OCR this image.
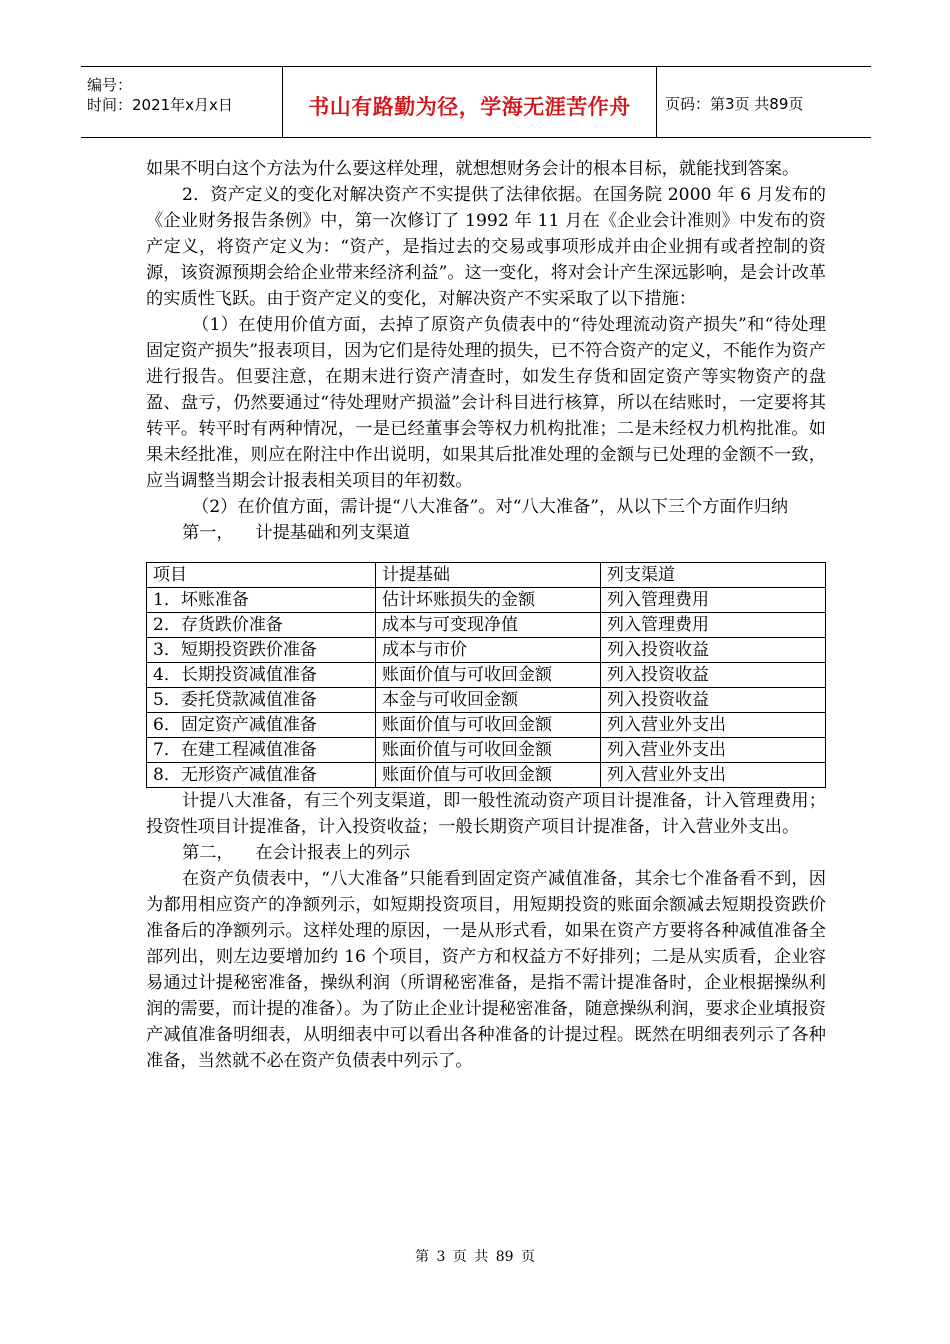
编号：
时间：2021年x月x日	书山有路勤为径，学海无涯苦作舟	页码：第3页 共89页

如果不明白这个方法为什么要这样处理，就想想财务会计的根本目标，就能找到答案。

2．资产定义的变化对解决资产不实提供了法律依据。在国务院 2000 年 6 月发布的《企业财务报告条例》中，第一次修订了 1992 年 11 月在《企业会计准则》中发布的资产定义，将资产定义为：“资产，是指过去的交易或事项形成并由企业拥有或者控制的资源，该资源预期会给企业带来经济利益”。这一变化，将对会计产生深远影响，是会计改革的实质性飞跃。由于资产定义的变化，对解决资产不实采取了以下措施：

（1）在使用价值方面，去掉了原资产负债表中的“待处理流动资产损失”和“待处理固定资产损失”报表项目，因为它们是待处理的损失，已不符合资产的定义，不能作为资产进行报告。但要注意，在期末进行资产清查时，如发生存货和固定资产等实物资产的盘盈、盘亏，仍然要通过“待处理财产损溢”会计科目进行核算，所以在结账时，一定要将其转平。转平时有两种情况，一是已经董事会等权力机构批准；二是未经权力机构批准。如果未经批准，则应在附注中作出说明，如果其后批准处理的金额与已处理的金额不一致，应当调整当期会计报表相关项目的年初数。

（2）在价值方面，需计提“八大准备”。对“八大准备”，从以下三个方面作归纳

第一，    计提基础和列支渠道

项目	计提基础	列支渠道
1．坏账准备	估计坏账损失的金额	列入管理费用
2．存货跌价准备	成本与可变现净值	列入管理费用
3．短期投资跌价准备	成本与市价	列入投资收益
4．长期投资减值准备	账面价值与可收回金额	列入投资收益
5．委托贷款减值准备	本金与可收回金额	列入投资收益
6．固定资产减值准备	账面价值与可收回金额	列入营业外支出
7．在建工程减值准备	账面价值与可收回金额	列入营业外支出
8．无形资产减值准备	账面价值与可收回金额	列入营业外支出

计提八大准备，有三个列支渠道，即一般性流动资产项目计提准备，计入管理费用；投资性项目计提准备，计入投资收益；一般长期资产项目计提准备，计入营业外支出。

第二，    在会计报表上的列示

在资产负债表中，“八大准备”只能看到固定资产减值准备，其余七个准备看不到，因为都用相应资产的净额列示，如短期投资项目，用短期投资的账面余额减去短期投资跌价准备后的净额列示。这样处理的原因，一是从形式看，如果在资产方要将各种减值准备全部列出，则左边要增加约 16 个项目，资产方和权益方不好排列；二是从实质看，企业容易通过计提秘密准备，操纵利润（所谓秘密准备，是指不需计提准备时，企业根据操纵利润的需要，而计提的准备）。为了防止企业计提秘密准备，随意操纵利润，要求企业填报资产减值准备明细表，从明细表中可以看出各种准备的计提过程。既然在明细表列示了各种准备，当然就不必在资产负债表中列示了。

第 3 页 共 89 页
